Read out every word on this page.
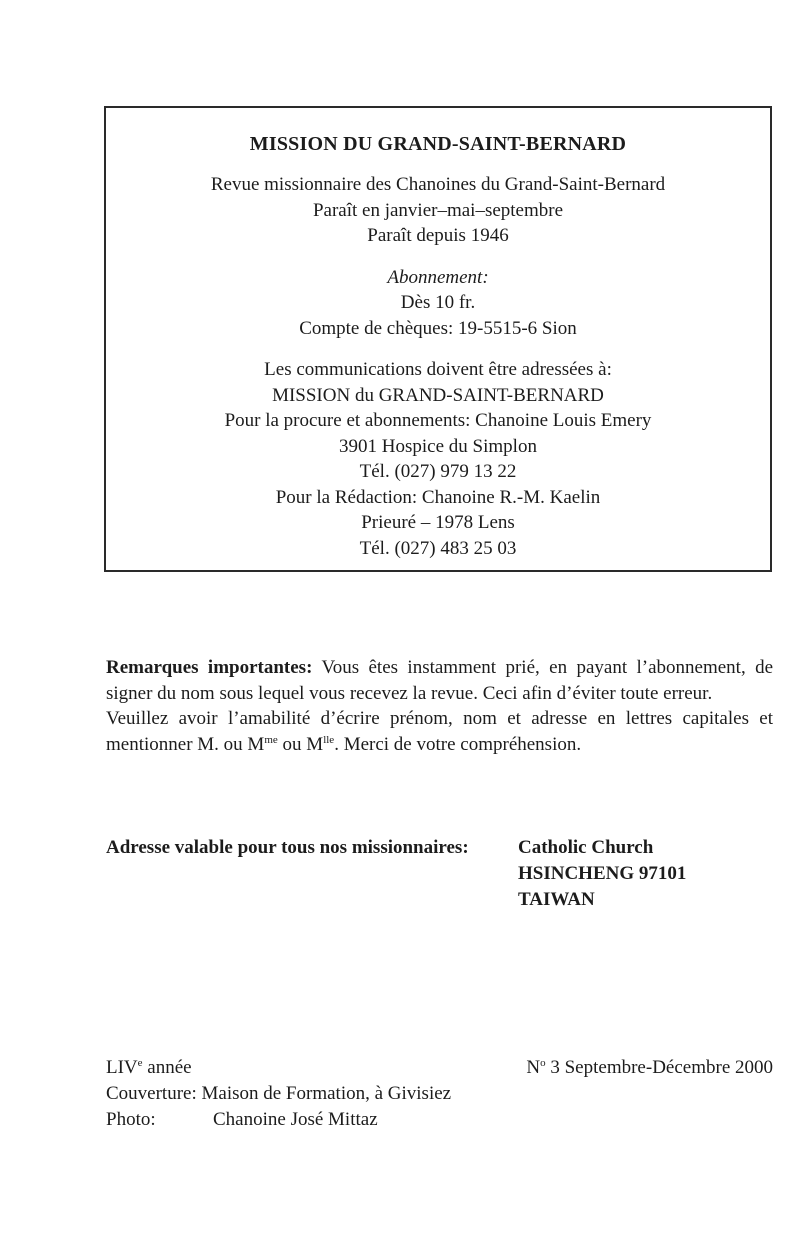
MISSION DU GRAND-SAINT-BERNARD
Revue missionnaire des Chanoines du Grand-Saint-Bernard
Paraît en janvier–mai–septembre
Paraît depuis 1946
Abonnement:
Dès 10 fr.
Compte de chèques: 19-5515-6 Sion
Les communications doivent être adressées à:
MISSION du GRAND-SAINT-BERNARD
Pour la procure et abonnements: Chanoine Louis Emery
3901 Hospice du Simplon
Tél. (027) 979 13 22
Pour la Rédaction: Chanoine R.-M. Kaelin
Prieuré – 1978 Lens
Tél. (027) 483 25 03

Remarques importantes: Vous êtes instamment prié, en payant l’abonnement, de signer du nom sous lequel vous recevez la revue. Ceci afin d’éviter toute erreur.

Veuillez avoir l’amabilité d’écrire prénom, nom et adresse en lettres capitales et mentionner M. ou $M^{me}$ ou $M^{lle}$. Merci de votre compréhension.

Adresse valable pour tous nos missionnaires:	Catholic Church
HSINCHENG 97101
TAIWAN
LIVe année	$N^o$ 3 Septembre-Décembre 2000
Couverture: Maison de Formation, à Givisiez
Photo:	Chanoine José Mittaz
